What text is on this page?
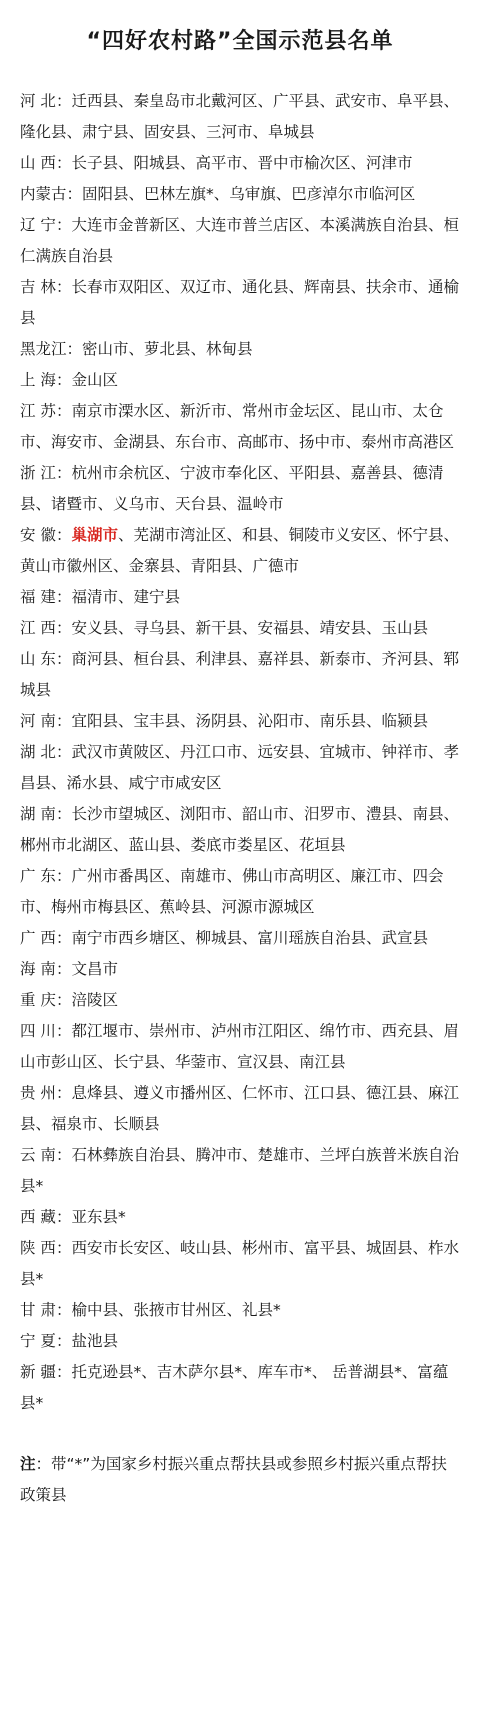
“四好农村路”全国示范县名单
河 北：迁西县、秦皇岛市北戴河区、广平县、武安市、阜平县、隆化县、肃宁县、固安县、三河市、阜城县
山 西：长子县、阳城县、高平市、晋中市榆次区、河津市
内蒙古：固阳县、巴林左旗*、乌审旗、巴彦淖尔市临河区
辽 宁：大连市金普新区、大连市普兰店区、本溪满族自治县、桓仁满族自治县
吉 林：长春市双阳区、双辽市、通化县、辉南县、扶余市、通榆县
黑龙江：密山市、萝北县、林甸县
上 海：金山区
江 苏：南京市溧水区、新沂市、常州市金坛区、昆山市、太仓市、海安市、金湖县、东台市、高邮市、扬中市、泰州市高港区
浙 江：杭州市余杭区、宁波市奉化区、平阳县、嘉善县、德清县、诸暨市、义乌市、天台县、温岭市
安 徽：巢湖市、芜湖市湾沚区、和县、铜陵市义安区、怀宁县、黄山市徽州区、金寨县、青阳县、广德市
福 建：福清市、建宁县
江 西：安义县、寻乌县、新干县、安福县、靖安县、玉山县
山 东：商河县、桓台县、利津县、嘉祥县、新泰市、齐河县、郓城县
河 南：宜阳县、宝丰县、汤阴县、沁阳市、南乐县、临颍县
湖 北：武汉市黄陂区、丹江口市、远安县、宜城市、钟祥市、孝昌县、浠水县、咸宁市咸安区
湖 南：长沙市望城区、浏阳市、韶山市、汨罗市、澧县、南县、郴州市北湖区、蓝山县、娄底市娄星区、花垣县
广 东：广州市番禺区、南雄市、佛山市高明区、廉江市、四会市、梅州市梅县区、蕉岭县、河源市源城区
广 西：南宁市西乡塘区、柳城县、富川瑶族自治县、武宣县
海 南：文昌市
重 庆：涪陵区
四 川：都江堰市、崇州市、泸州市江阳区、绵竹市、西充县、眉山市彭山区、长宁县、华蓥市、宣汉县、南江县
贵 州：息烽县、遵义市播州区、仁怀市、江口县、德江县、麻江县、福泉市、长顺县
云 南：石林彝族自治县、腾冲市、楚雄市、兰坪白族普米族自治县*
西 藏：亚东县*
陕 西：西安市长安区、岐山县、彬州市、富平县、城固县、柞水县*
甘 肃：榆中县、张掖市甘州区、礼县*
宁 夏：盐池县
新 疆：托克逊县*、吉木萨尔县*、库车市*、 岳普湖县*、富蕴县*
注：带“*”为国家乡村振兴重点帮扶县或参照乡村振兴重点帮扶政策县
